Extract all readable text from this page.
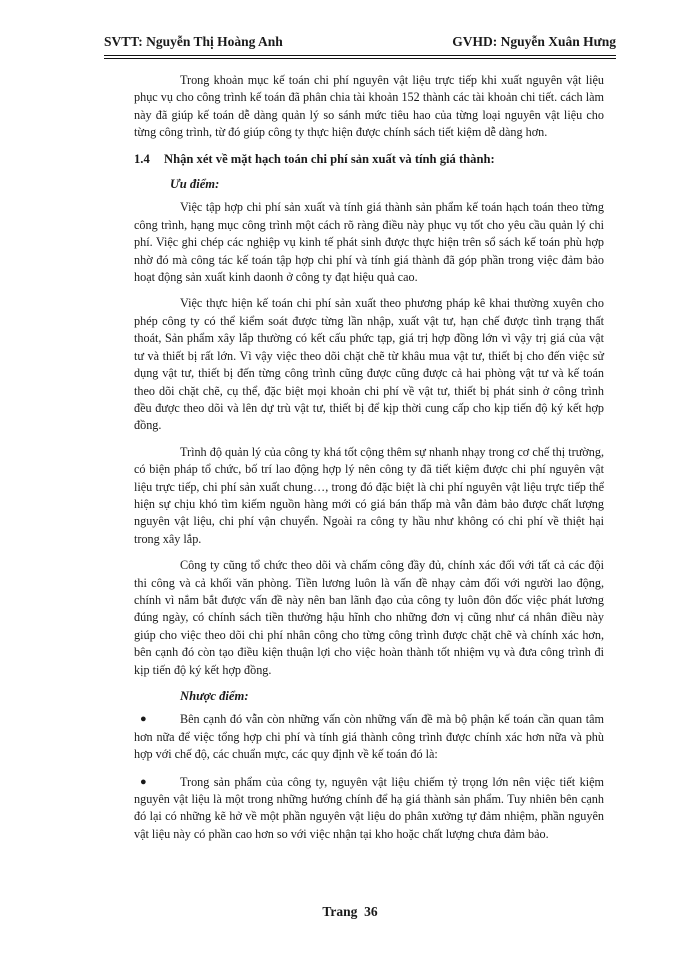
SVTT: Nguyễn Thị Hoàng Anh	GVHD: Nguyễn Xuân Hưng

Trong khoản mục kế toán chi phí nguyên vật liệu trực tiếp khi xuất nguyên vật liệu phục vụ cho công trình kế toán đã phân chia tài khoản 152 thành các tài khoản chi tiết. cách làm này đã giúp kế toán dễ dàng quản lý so sánh mức tiêu hao của từng loại nguyên vật liệu cho từng công trình, từ đó giúp công ty thực hiện được chính sách tiết kiệm dễ dàng hơn.

1.4 Nhận xét về mặt hạch toán chi phí sản xuất và tính giá thành:
Ưu điểm:

Việc tập hợp chi phí sản xuất và tính giá thành sản phẩm kế toán hạch toán theo từng công trình, hạng mục công trình một cách rõ ràng điều này phục vụ tốt cho yêu cầu quản lý chi phí. Việc ghi chép các nghiệp vụ kinh tế phát sinh được thực hiện trên sổ sách kế toán phù hợp nhờ đó mà công tác kế toán tập hợp chi phí và tính giá thành đã góp phần trong việc đảm bảo hoạt động sản xuất kinh daonh ở công ty đạt hiệu quả cao.

Việc thực hiện kế toán chi phí sản xuất theo phương pháp kê khai thường xuyên cho phép công ty có thể kiểm soát được từng lần nhập, xuất vật tư, hạn chế được tình trạng thất thoát, Sản phẩm xây lắp thường có kết cấu phức tạp, giá trị hợp đồng lớn vì vậy trị giá của vật tư và thiết bị rất lớn. Vì vậy việc theo dõi chặt chẽ từ khâu mua vật tư, thiết bị cho đến việc sử dụng vật tư, thiết bị đến từng công trình cũng được cũng được cả hai phòng vật tư và kế toán theo dõi chặt chẽ, cụ thể, đặc biệt mọi khoản chi phí về vật tư, thiết bị phát sinh ở công trình đều được theo dõi và lên dự trù vật tư, thiết bị để kịp thời cung cấp cho kịp tiến độ ký kết hợp đồng.

Trình độ quản lý của công ty khá tốt cộng thêm sự nhanh nhạy trong cơ chế thị trường, có biện pháp tổ chức, bố trí lao động hợp lý nên công ty đã tiết kiệm được chi phí nguyên vật liệu trực tiếp, chi phí sản xuất chung…, trong đó đặc biệt là chi phí nguyên vật liệu trực tiếp thể hiện sự chịu khó tìm kiếm nguồn hàng mới có giá bán thấp mà vẫn đảm bảo được chất lượng nguyên vật liệu, chi phí vận chuyển. Ngoài ra công ty hầu như không có chi phí về thiệt hại trong xây lắp.

Công ty cũng tổ chức theo dõi và chấm công đầy đủ, chính xác đối với tất cả các đội thi công và cả khối văn phòng. Tiền lương luôn là vấn đề nhạy cảm đối với người lao động, chính vì nắm bắt được vấn đề này nên ban lãnh đạo của công ty luôn đôn đốc việc phát lương đúng ngày, có chính sách tiền thưởng hậu hĩnh cho những đơn vị cũng như cá nhân điều này giúp cho việc theo dõi chi phí nhân công cho từng công trình được chặt chẽ và chính xác hơn, bên cạnh đó còn tạo điều kiện thuận lợi cho việc hoàn thành tốt nhiệm vụ và đưa công trình đi kịp tiến độ ký kết hợp đồng.

Nhược điểm:
●	Bên cạnh đó vẫn còn những vấn còn những vấn đề mà bộ phận kế toán cần quan tâm hơn nữa để việc tổng hợp chi phí và tính giá thành công trình được chính xác hơn nữa và phù hợp với chế độ, các chuẩn mực, các quy định về kế toán đó là:
●	Trong sản phẩm của công ty, nguyên vật liệu chiếm tỷ trọng lớn nên việc tiết kiệm nguyên vật liệu là một trong những hướng chính để hạ giá thành sản phẩm. Tuy nhiên bên cạnh đó lại có những kẽ hở về một phần nguyên vật liệu do phân xưởng tự đảm nhiệm, phần nguyên vật liệu này có phần cao hơn so với việc nhận tại kho hoặc chất lượng chưa đảm bảo.
Trang 36
